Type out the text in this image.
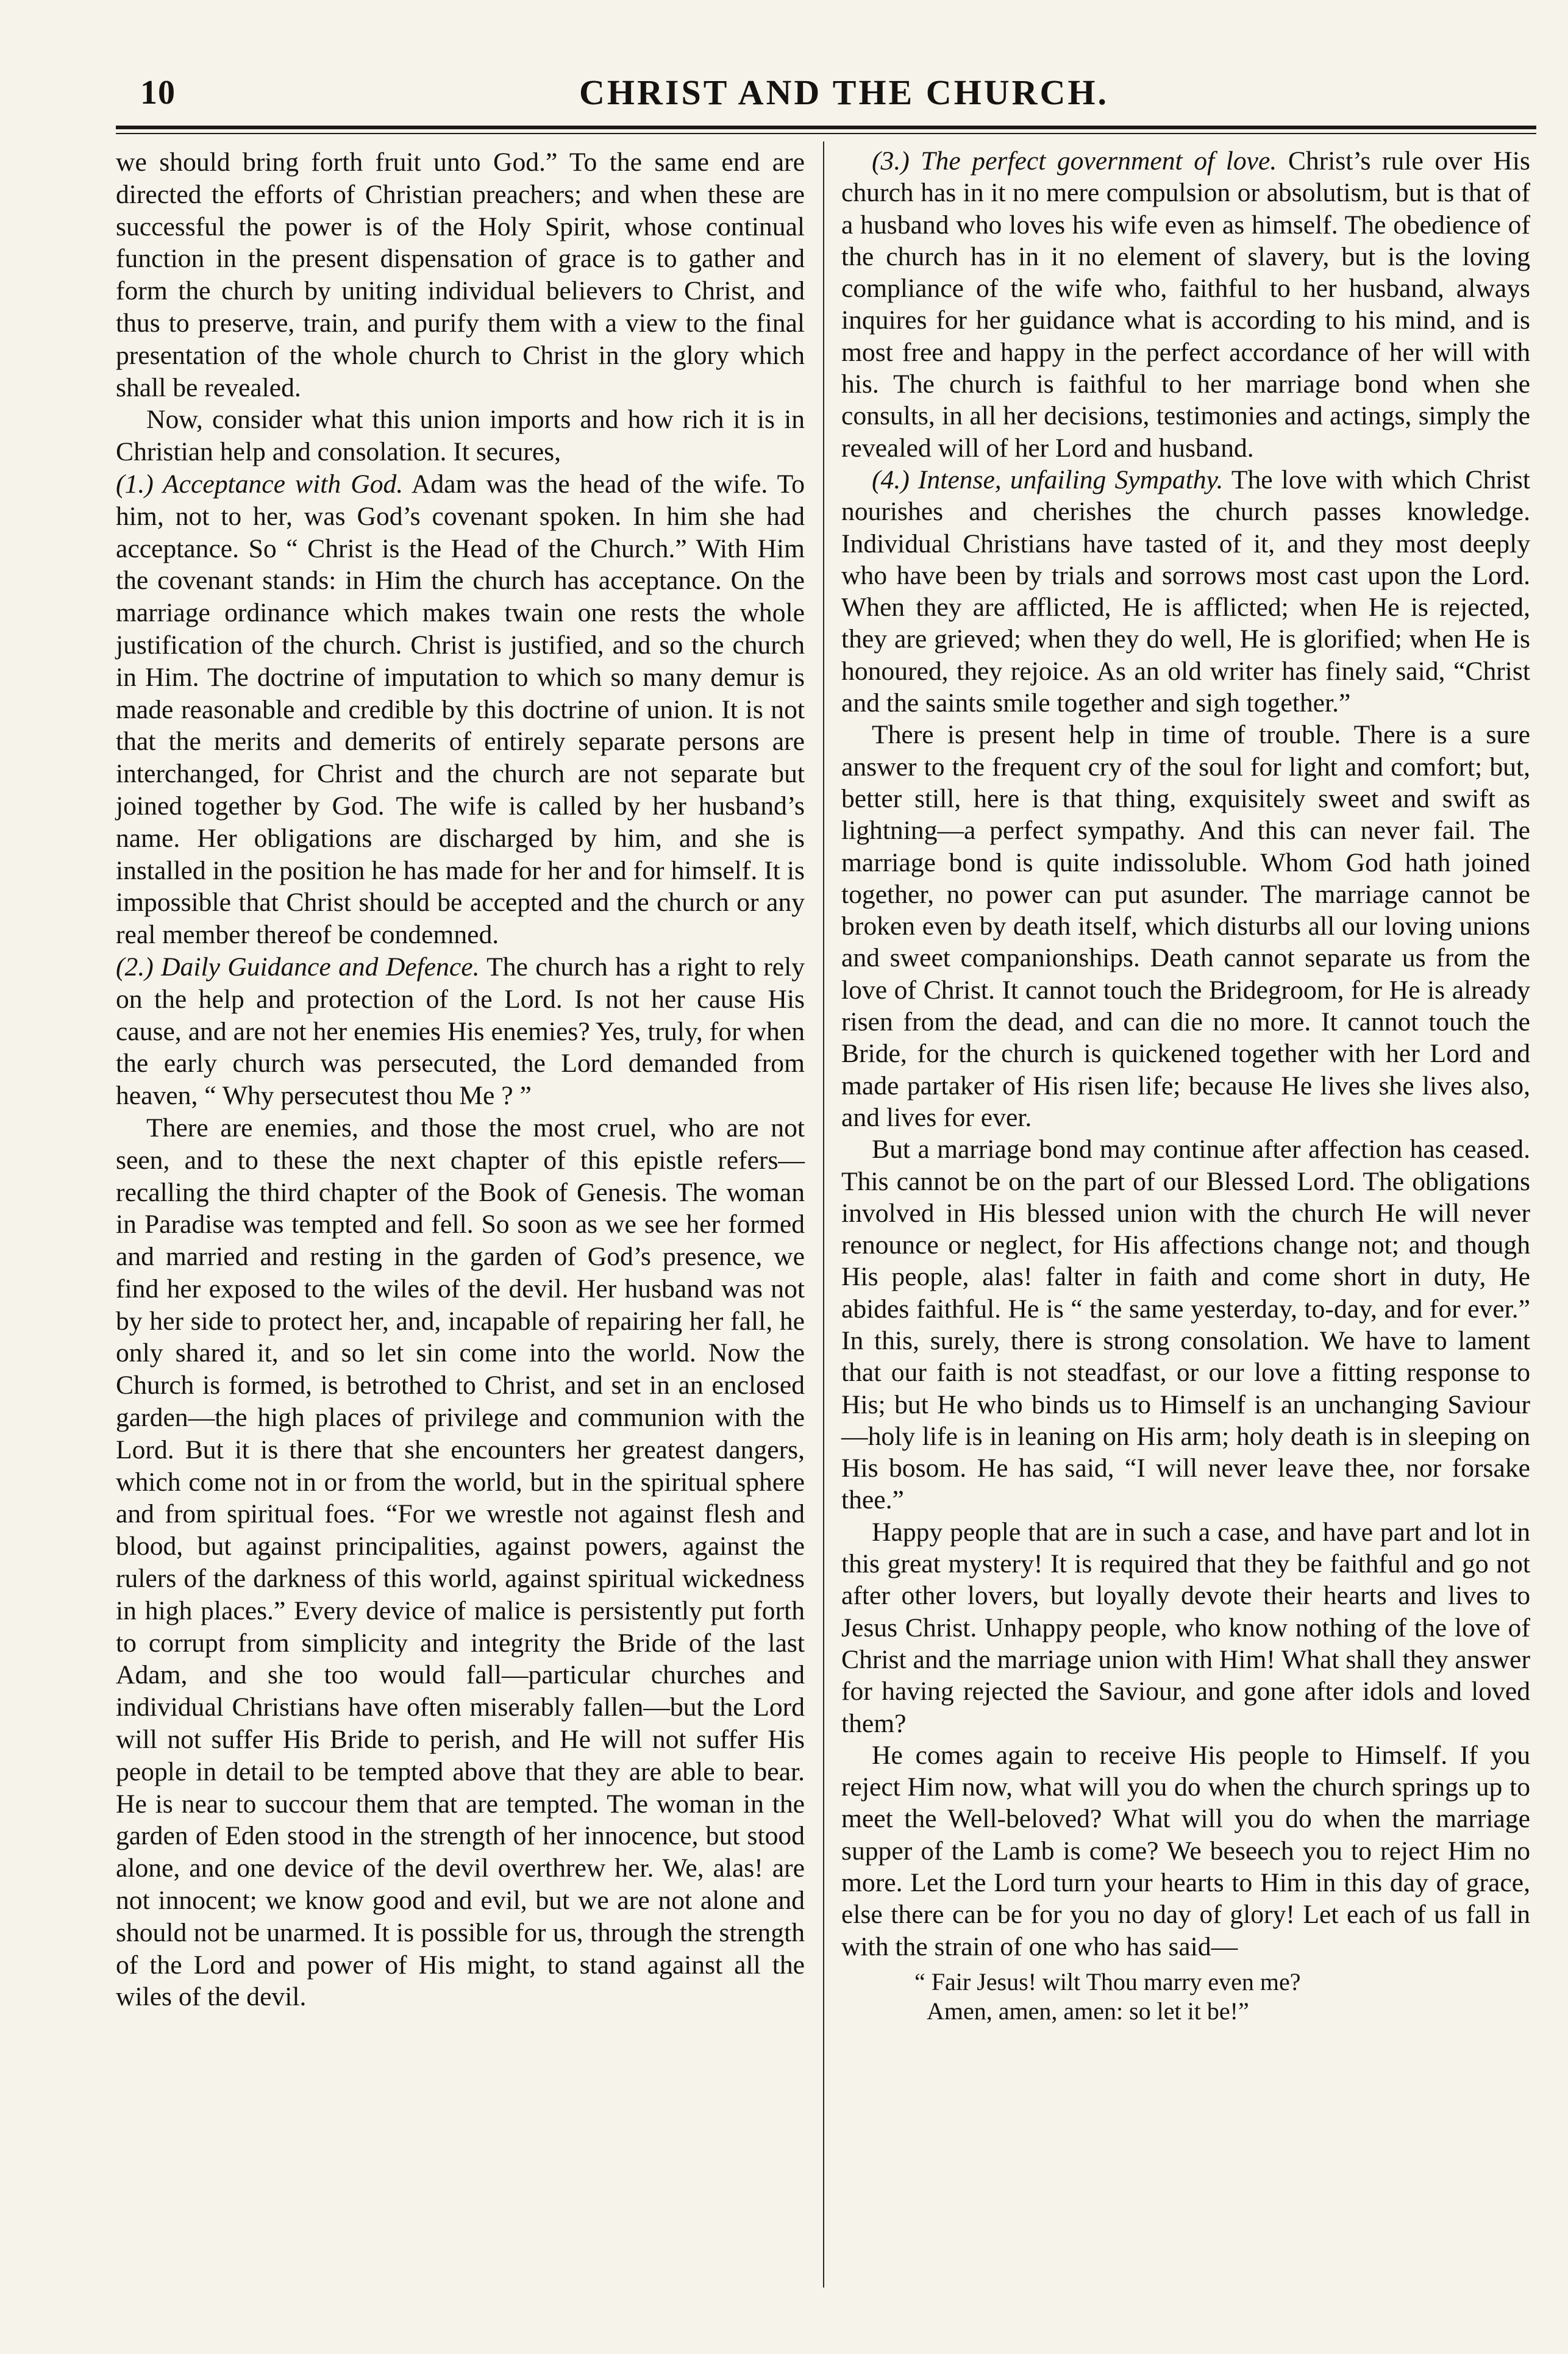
10	CHRIST AND THE CHURCH.

we should bring forth fruit unto God.” To the same end are directed the efforts of Christian preachers; and when these are successful the power is of the Holy Spirit, whose continual function in the present dispensation of grace is to gather and form the church by uniting individual believers to Christ, and thus to preserve, train, and purify them with a view to the final presentation of the whole church to Christ in the glory which shall be revealed.

Now, consider what this union imports and how rich it is in Christian help and consolation. It secures,

(1.) Acceptance with God. Adam was the head of the wife. To him, not to her, was God’s covenant spoken. In him she had acceptance. So “ Christ is the Head of the Church.” With Him the covenant stands: in Him the church has acceptance. On the marriage ordinance which makes twain one rests the whole justification of the church. Christ is justified, and so the church in Him. The doctrine of imputation to which so many demur is made reasonable and credible by this doctrine of union. It is not that the merits and demerits of entirely separate persons are interchanged, for Christ and the church are not separate but joined together by God. The wife is called by her husband’s name. Her obligations are discharged by him, and she is installed in the position he has made for her and for himself. It is impossible that Christ should be accepted and the church or any real member thereof be condemned.

(2.) Daily Guidance and Defence. The church has a right to rely on the help and protection of the Lord. Is not her cause His cause, and are not her enemies His enemies? Yes, truly, for when the early church was persecuted, the Lord demanded from heaven, “ Why persecutest thou Me ? ”

There are enemies, and those the most cruel, who are not seen, and to these the next chapter of this epistle refers—recalling the third chapter of the Book of Genesis. The woman in Paradise was tempted and fell. So soon as we see her formed and married and resting in the garden of God’s presence, we find her exposed to the wiles of the devil. Her husband was not by her side to protect her, and, incapable of repairing her fall, he only shared it, and so let sin come into the world. Now the Church is formed, is betrothed to Christ, and set in an enclosed garden—the high places of privilege and communion with the Lord. But it is there that she encounters her greatest dangers, which come not in or from the world, but in the spiritual sphere and from spiritual foes. “For we wrestle not against flesh and blood, but against principalities, against powers, against the rulers of the darkness of this world, against spiritual wickedness in high places.” Every device of malice is persistently put forth to corrupt from simplicity and integrity the Bride of the last Adam, and she too would fall—particular churches and individual Christians have often miserably fallen—but the Lord will not suffer His Bride to perish, and He will not suffer His people in detail to be tempted above that they are able to bear. He is near to succour them that are tempted. The woman in the garden of Eden stood in the strength of her innocence, but stood alone, and one device of the devil overthrew her. We, alas! are not innocent; we know good and evil, but we are not alone and should not be unarmed. It is possible for us, through the strength of the Lord and power of His might, to stand against all the wiles of the devil.

(3.) The perfect government of love. Christ’s rule over His church has in it no mere compulsion or absolutism, but is that of a husband who loves his wife even as himself. The obedience of the church has in it no element of slavery, but is the loving compliance of the wife who, faithful to her husband, always inquires for her guidance what is according to his mind, and is most free and happy in the perfect accordance of her will with his. The church is faithful to her marriage bond when she consults, in all her decisions, testimonies and actings, simply the revealed will of her Lord and husband.

(4.) Intense, unfailing Sympathy. The love with which Christ nourishes and cherishes the church passes knowledge. Individual Christians have tasted of it, and they most deeply who have been by trials and sorrows most cast upon the Lord. When they are afflicted, He is afflicted; when He is rejected, they are grieved; when they do well, He is glorified; when He is honoured, they rejoice. As an old writer has finely said, “Christ and the saints smile together and sigh together.”

There is present help in time of trouble. There is a sure answer to the frequent cry of the soul for light and comfort; but, better still, here is that thing, exquisitely sweet and swift as lightning—a perfect sympathy. And this can never fail. The marriage bond is quite indissoluble. Whom God hath joined together, no power can put asunder. The marriage cannot be broken even by death itself, which disturbs all our loving unions and sweet companionships. Death cannot separate us from the love of Christ. It cannot touch the Bridegroom, for He is already risen from the dead, and can die no more. It cannot touch the Bride, for the church is quickened together with her Lord and made partaker of His risen life; because He lives she lives also, and lives for ever.

But a marriage bond may continue after affection has ceased. This cannot be on the part of our Blessed Lord. The obligations involved in His blessed union with the church He will never renounce or neglect, for His affections change not; and though His people, alas! falter in faith and come short in duty, He abides faithful. He is “ the same yesterday, to-day, and for ever.” In this, surely, there is strong consolation. We have to lament that our faith is not steadfast, or our love a fitting response to His; but He who binds us to Himself is an unchanging Saviour—holy life is in leaning on His arm; holy death is in sleeping on His bosom. He has said, “I will never leave thee, nor forsake thee.”

Happy people that are in such a case, and have part and lot in this great mystery! It is required that they be faithful and go not after other lovers, but loyally devote their hearts and lives to Jesus Christ. Unhappy people, who know nothing of the love of Christ and the marriage union with Him! What shall they answer for having rejected the Saviour, and gone after idols and loved them?

He comes again to receive His people to Himself. If you reject Him now, what will you do when the church springs up to meet the Well-beloved? What will you do when the marriage supper of the Lamb is come? We beseech you to reject Him no more. Let the Lord turn your hearts to Him in this day of grace, else there can be for you no day of glory! Let each of us fall in with the strain of one who has said—

“ Fair Jesus! wilt Thou marry even me?
Amen, amen, amen: so let it be!”
